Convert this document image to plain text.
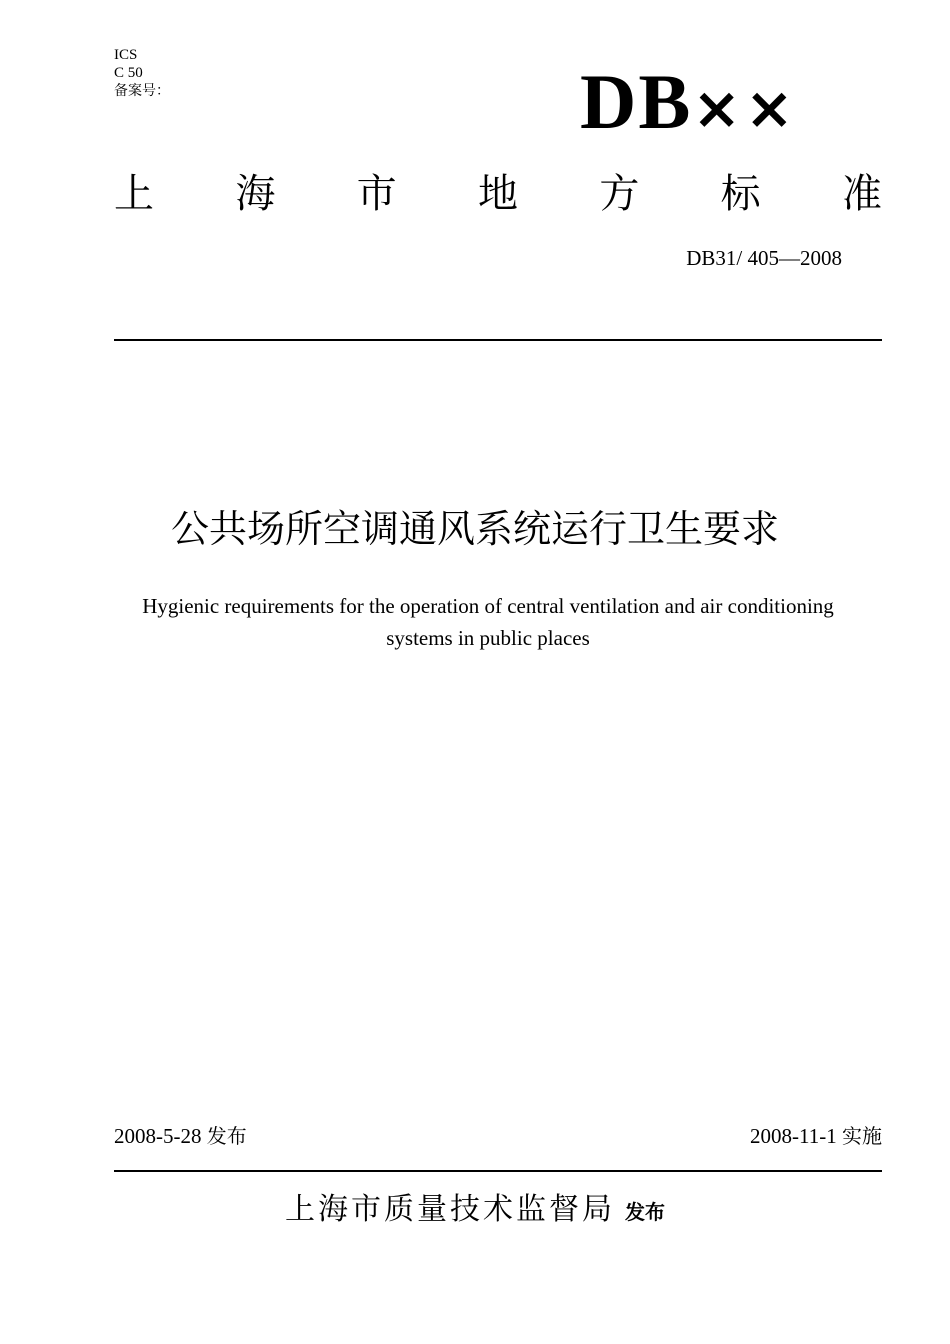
ICS
C 50
备案号：	DB××
上 海 市 地 方 标 准
DB31/ 405—2008
公共场所空调通风系统运行卫生要求
Hygienic requirements for the operation of central ventilation and air conditioning systems in public places
2008-5-28 发布	2008-11-1 实施
上海市质量技术监督局 发布
